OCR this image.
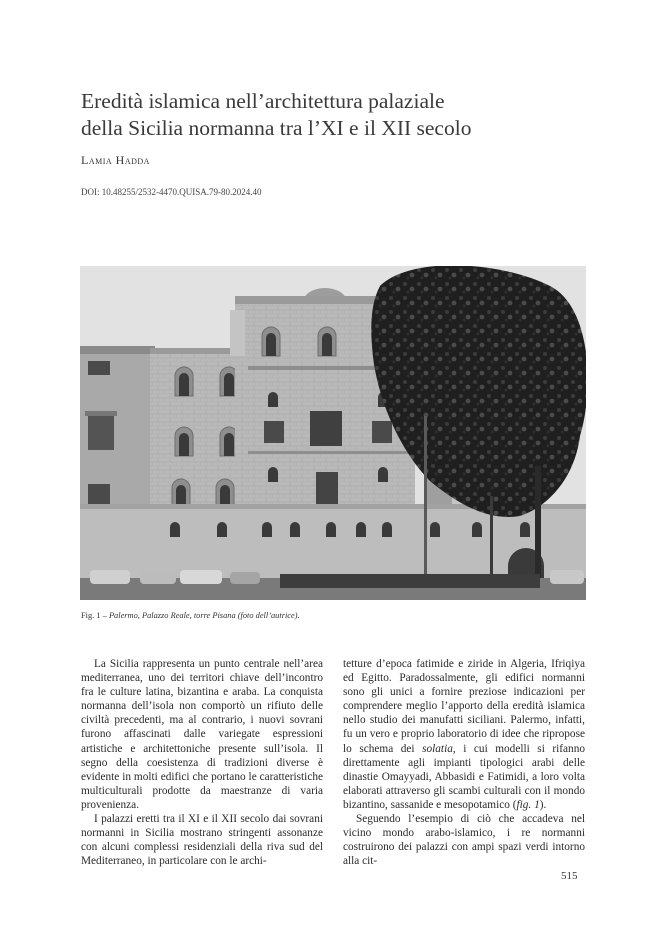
Eredità islamica nell’architettura palaziale
della Sicilia normanna tra l’XI e il XII secolo
Lamia Hadda
DOI: 10.48255/2532-4470.QUISA.79-80.2024.40
Fig. 1 – Palermo, Palazzo Reale, torre Pisana (foto dell’autrice).

La Sicilia rappresenta un punto centrale nell’area mediterranea, uno dei territori chiave dell’incontro fra le culture latina, bizantina e araba. La conquista normanna dell’isola non comportò un rifiuto delle civiltà precedenti, ma al contrario, i nuovi sovrani furono affascinati dalle variegate espressioni artistiche e architettoniche presente sull’isola. Il segno della coesistenza di tradizioni diverse è evidente in molti edifici che portano le caratteristiche multiculturali prodotte da maestranze di varia provenienza.

I palazzi eretti tra il XI e il XII secolo dai sovrani normanni in Sicilia mostrano stringenti assonanze con alcuni complessi residenziali della riva sud del Mediterraneo, in particolare con le archi-

tetture d’epoca fatimide e ziride in Algeria, Ifriqiya ed Egitto. Paradossalmente, gli edifici normanni sono gli unici a fornire preziose indicazioni per comprendere meglio l’apporto della eredità islamica nello studio dei manufatti siciliani. Palermo, infatti, fu un vero e proprio laboratorio di idee che ripropose lo schema dei solatia, i cui modelli si rifanno direttamente agli impianti tipologici arabi delle dinastie Omayyadi, Abbasidi e Fatimidi, a loro volta elaborati attraverso gli scambi culturali con il mondo bizantino, sassanide e mesopotamico (fig. 1).

Seguendo l’esempio di ciò che accadeva nel vicino mondo arabo-islamico, i re normanni costruirono dei palazzi con ampi spazi verdi intorno alla cit-

515
